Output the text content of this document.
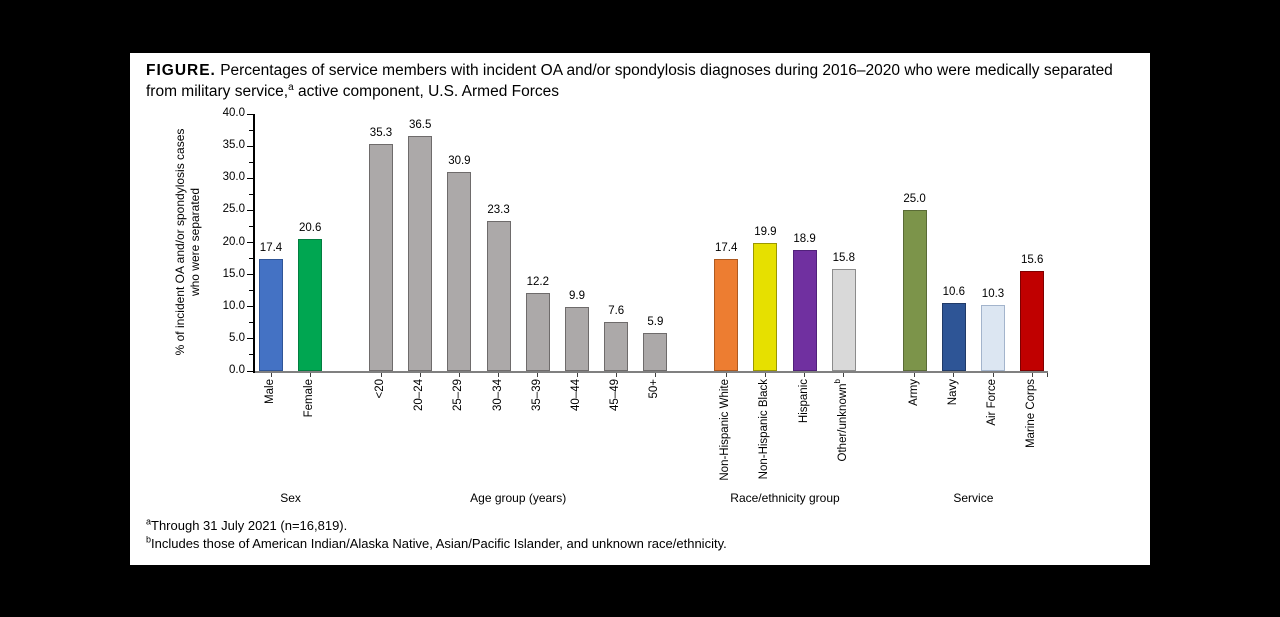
FIGURE. Percentages of service members with incident OA and/or spondylosis diagnoses during 2016–2020 who were medically separated from military service,$^a$ active component, U.S. Armed Forces
0.0
5.0
10.0
15.0
20.0
25.0
30.0
35.0
40.0
17.4
Male
20.6
Female
Sex
35.3
<20
36.5
20–24
30.9
25–29
23.3
30–34
12.2
35–39
9.9
40–44
7.6
45–49
5.9
50+
Age group (years)
17.4
Non-Hispanic White
19.9
Non-Hispanic Black
18.9
Hispanic
15.8
Other/unknown$^b$
Race/ethnicity group
25.0
Army
10.6
Navy
10.3
Air Force
15.6
Marine Corps
Service
% of incident OA and/or spondylosis cases who were separated
$^a$Through 31 July 2021 (n=16,819).
$^b$Includes those of American Indian/Alaska Native, Asian/Pacific Islander, and unknown race/ethnicity.
